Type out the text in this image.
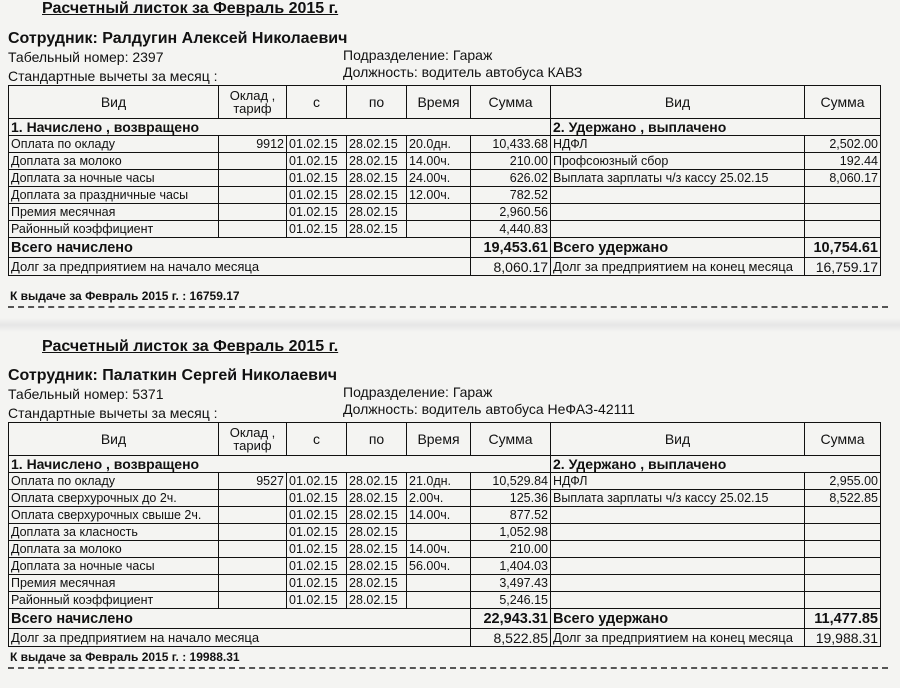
Расчетный листок за Февраль 2015 г.
Сотрудник: Ралдугин Алексей Николаевич
Табельный номер: 2397	Подразделение: Гараж
Стандартные вычеты за месяц :	Должность: водитель автобуса КАВЗ
Вид	Оклад ,
тариф	с	по	Время	Сумма	Вид	Сумма
1. Начислено , возвращено						2. Удержано , выплачено	
Оплата по окладу	9912	01.02.15	28.02.15	20.0дн.	10,433.68	НДФЛ	2,502.00
Доплата за молоко		01.02.15	28.02.15	14.00ч.	210.00	Профсоюзный сбор	192.44
Доплата за ночные часы		01.02.15	28.02.15	24.00ч.	626.02	Выплата зарплаты ч/з кассу 25.02.15	8,060.17
Доплата за праздничные часы		01.02.15	28.02.15	12.00ч.	782.52		
Премия месячная		01.02.15	28.02.15		2,960.56		
Районный коэффициент		01.02.15	28.02.15		4,440.83		
Всего начислено					19,453.61	Всего удержано	10,754.61
Долг за предприятием на начало месяца					8,060.17	Долг за предприятием на конец месяца	16,759.17
К выдаче за Февраль 2015 г. : 16759.17
Расчетный листок за Февраль 2015 г.
Сотрудник: Палаткин Сергей Николаевич
Табельный номер: 5371	Подразделение: Гараж
Стандартные вычеты за месяц :	Должность: водитель автобуса НеФАЗ-42111
Вид	Оклад ,
тариф	с	по	Время	Сумма	Вид	Сумма
1. Начислено , возвращено						2. Удержано , выплачено	
Оплата по окладу	9527	01.02.15	28.02.15	21.0дн.	10,529.84	НДФЛ	2,955.00
Оплата сверхурочных до 2ч.		01.02.15	28.02.15	2.00ч.	125.36	Выплата зарплаты ч/з кассу 25.02.15	8,522.85
Оплата сверхурочных свыше 2ч.		01.02.15	28.02.15	14.00ч.	877.52		
Доплата за класность		01.02.15	28.02.15		1,052.98		
Доплата за молоко		01.02.15	28.02.15	14.00ч.	210.00		
Доплата за ночные часы		01.02.15	28.02.15	56.00ч.	1,404.03		
Премия месячная		01.02.15	28.02.15		3,497.43		
Районный коэффициент		01.02.15	28.02.15		5,246.15		
Всего начислено					22,943.31	Всего удержано	11,477.85
Долг за предприятием на начало месяца					8,522.85	Долг за предприятием на конец месяца	19,988.31
К выдаче за Февраль 2015 г. : 19988.31
